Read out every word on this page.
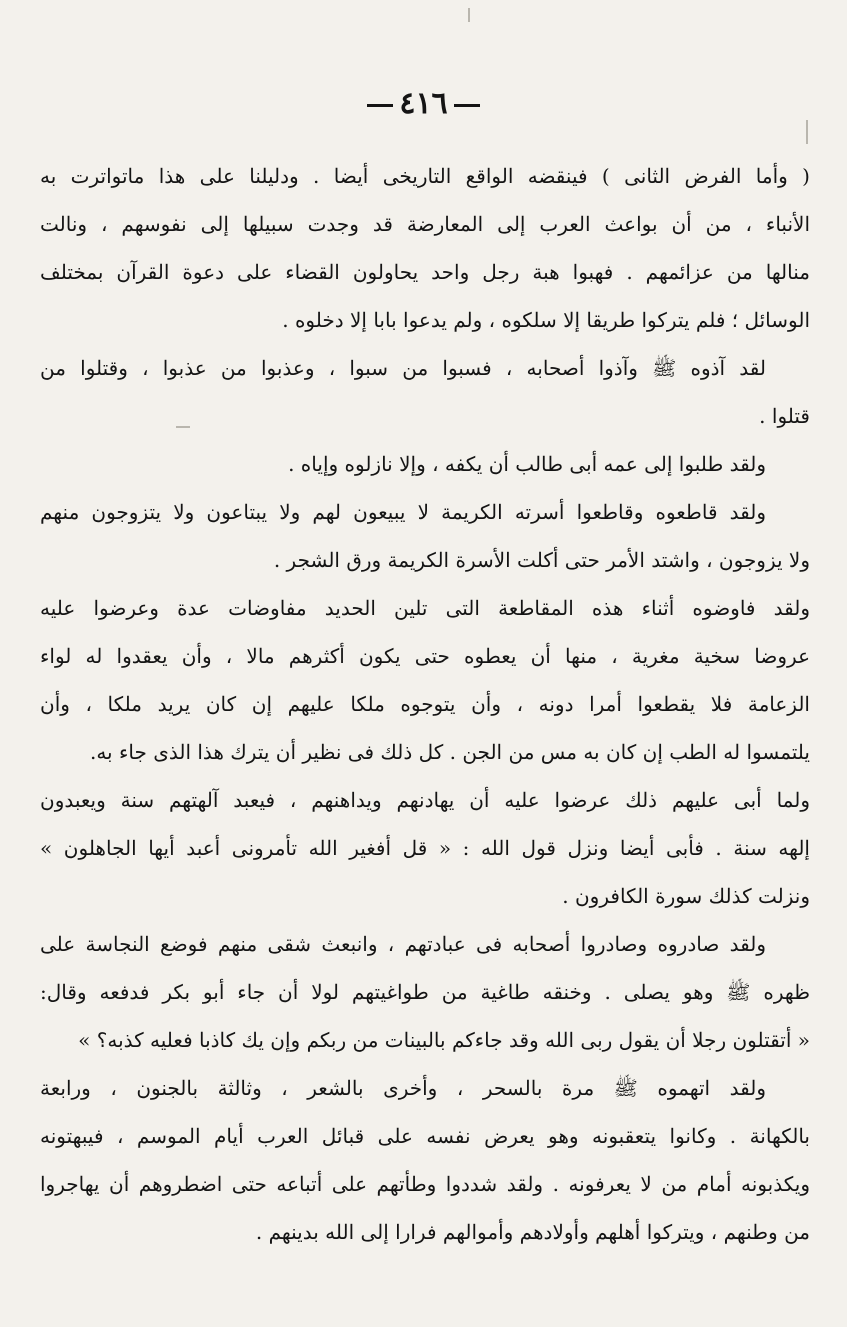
٤١٦
( وأما الفرض الثانى ) فينقضه الواقع التاريخى أيضا . ودليلنا على هذا ماتواترت به
الأنباء ، من أن بواعث العرب إلى المعارضة قد وجدت سبيلها إلى نفوسهم ، ونالت
منالها من عزائمهم . فهبوا هبة رجل واحد يحاولون القضاء على دعوة القرآن بمختلف
الوسائل ؛ فلم يتركوا طريقا إلا سلكوه ، ولم يدعوا بابا إلا دخلوه .
لقد آذوه ﷺ وآذوا أصحابه ، فسبوا من سبوا ، وعذبوا من عذبوا ، وقتلوا من
قتلوا .
ولقد طلبوا إلى عمه أبى طالب أن يكفه ، وإلا نازلوه وإياه .
ولقد قاطعوه وقاطعوا أسرته الكريمة لا يبيعون لهم ولا يبتاعون ولا يتزوجون منهم
ولا يزوجون ، واشتد الأمر حتى أكلت الأسرة الكريمة ورق الشجر .
ولقد فاوضوه أثناء هذه المقاطعة التى تلين الحديد مفاوضات عدة وعرضوا عليه
عروضا سخية مغرية ، منها أن يعطوه حتى يكون أكثرهم مالا ، وأن يعقدوا له لواء
الزعامة فلا يقطعوا أمرا دونه ، وأن يتوجوه ملكا عليهم إن كان يريد ملكا ، وأن
يلتمسوا له الطب إن كان به مس من الجن . كل ذلك فى نظير أن يترك هذا الذى جاء به.
ولما أبى عليهم ذلك عرضوا عليه أن يهادنهم ويداهنهم ، فيعبد آلهتهم سنة ويعبدون
إلهه سنة . فأبى أيضا ونزل قول الله : « قل أفغير الله تأمرونى أعبد أيها الجاهلون »
ونزلت كذلك سورة الكافرون .
ولقد صادروه وصادروا أصحابه فى عبادتهم ، وانبعث شقى منهم فوضع النجاسة على
ظهره ﷺ وهو يصلى . وخنقه طاغية من طواغيتهم لولا أن جاء أبو بكر فدفعه وقال:
« أتقتلون رجلا أن يقول ربى الله وقد جاءكم بالبينات من ربكم وإن يك كاذبا فعليه كذبه؟ »
ولقد اتهموه ﷺ مرة بالسحر ، وأخرى بالشعر ، وثالثة بالجنون ، ورابعة
بالكهانة . وكانوا يتعقبونه وهو يعرض نفسه على قبائل العرب أيام الموسم ، فيبهتونه
ويكذبونه أمام من لا يعرفونه . ولقد شددوا وطأتهم على أتباعه حتى اضطروهم أن يهاجروا
من وطنهم ، ويتركوا أهلهم وأولادهم وأموالهم فرارا إلى الله بدينهم .
